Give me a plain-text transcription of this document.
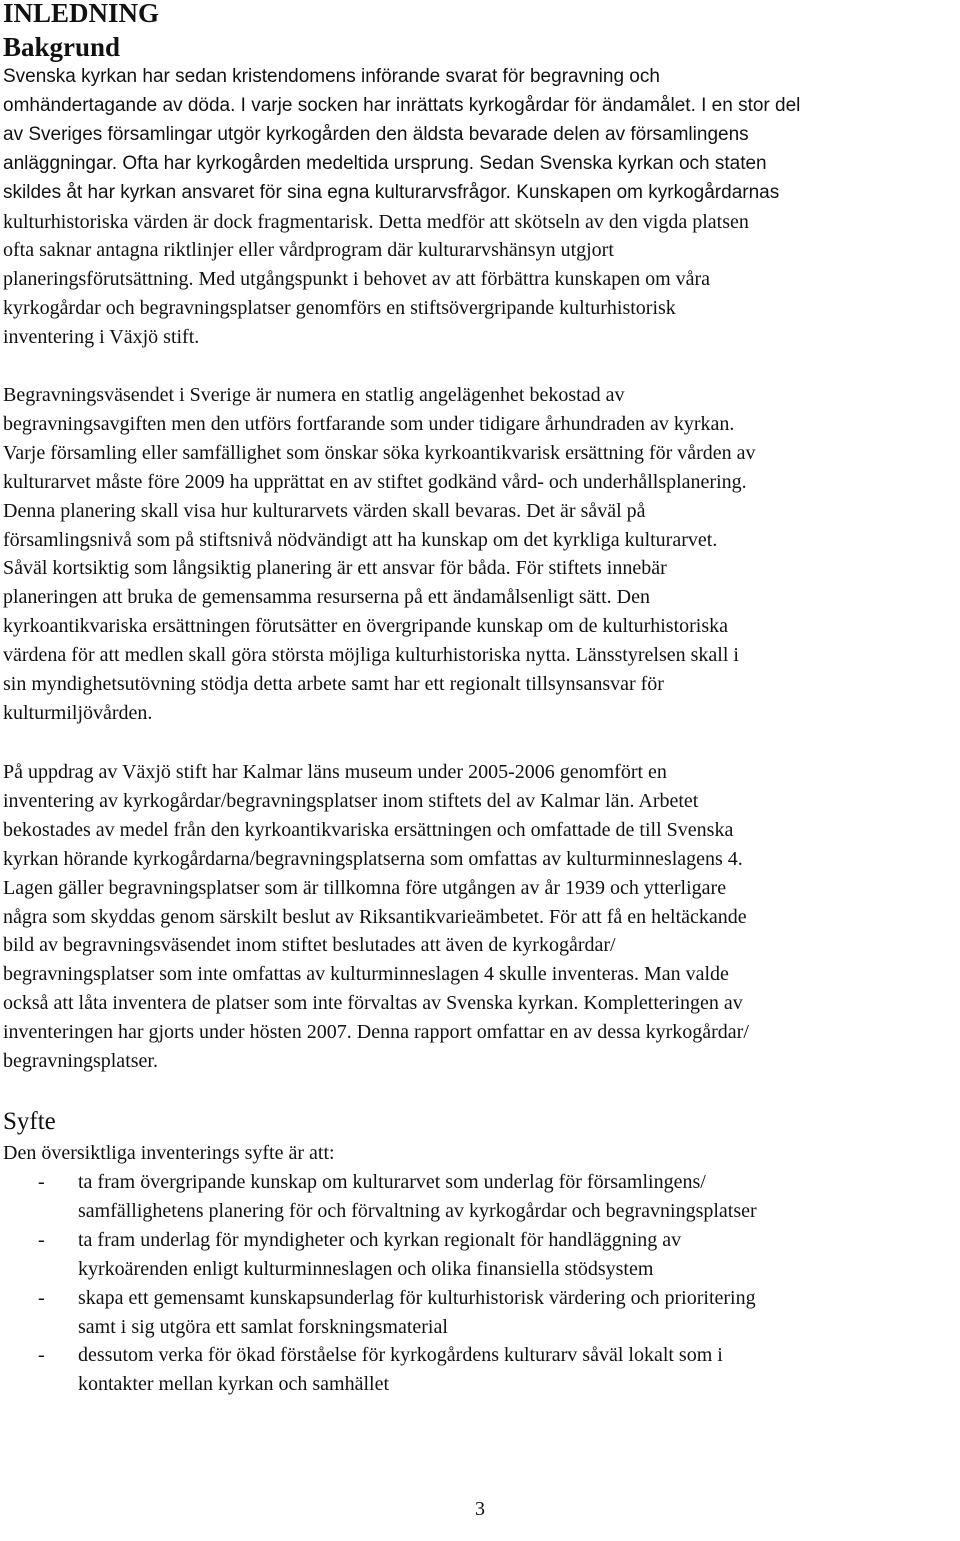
INLEDNING
Bakgrund

Svenska kyrkan har sedan kristendomens införande svarat för begravning och
omhändertagande av döda. I varje socken har inrättats kyrkogårdar för ändamålet. I en stor del
av Sveriges församlingar utgör kyrkogården den äldsta bevarade delen av församlingens
anläggningar. Ofta har kyrkogården medeltida ursprung. Sedan Svenska kyrkan och staten
skildes åt har kyrkan ansvaret för sina egna kulturarvsfrågor. Kunskapen om kyrkogårdarnas
kulturhistoriska värden är dock fragmentarisk. Detta medför att skötseln av den vigda platsen
ofta saknar antagna riktlinjer eller vårdprogram där kulturarvshänsyn utgjort
planeringsförutsättning. Med utgångspunkt i behovet av att förbättra kunskapen om våra
kyrkogårdar och begravningsplatser genomförs en stiftsövergripande kulturhistorisk
inventering i Växjö stift.

Begravningsväsendet i Sverige är numera en statlig angelägenhet bekostad av
begravningsavgiften men den utförs fortfarande som under tidigare århundraden av kyrkan.
Varje församling eller samfällighet som önskar söka kyrkoantikvarisk ersättning för vården av
kulturarvet måste före 2009 ha upprättat en av stiftet godkänd vård- och underhållsplanering.
Denna planering skall visa hur kulturarvets värden skall bevaras. Det är såväl på
församlingsnivå som på stiftsnivå nödvändigt att ha kunskap om det kyrkliga kulturarvet.
Såväl kortsiktig som långsiktig planering är ett ansvar för båda. För stiftets innebär
planeringen att bruka de gemensamma resurserna på ett ändamålsenligt sätt. Den
kyrkoantikvariska ersättningen förutsätter en övergripande kunskap om de kulturhistoriska
värdena för att medlen skall göra största möjliga kulturhistoriska nytta. Länsstyrelsen skall i
sin myndighetsutövning stödja detta arbete samt har ett regionalt tillsynsansvar för
kulturmiljövården.

På uppdrag av Växjö stift har Kalmar läns museum under 2005-2006 genomfört en
inventering av kyrkogårdar/begravningsplatser inom stiftets del av Kalmar län. Arbetet
bekostades av medel från den kyrkoantikvariska ersättningen och omfattade de till Svenska
kyrkan hörande kyrkogårdarna/begravningsplatserna som omfattas av kulturminneslagens 4.
Lagen gäller begravningsplatser som är tillkomna före utgången av år 1939 och ytterligare
några som skyddas genom särskilt beslut av Riksantikvarieämbetet. För att få en heltäckande
bild av begravningsväsendet inom stiftet beslutades att även de kyrkogårdar/
begravningsplatser som inte omfattas av kulturminneslagen 4 skulle inventeras. Man valde
också att låta inventera de platser som inte förvaltas av Svenska kyrkan. Kompletteringen av
inventeringen har gjorts under hösten 2007. Denna rapport omfattar en av dessa kyrkogårdar/
begravningsplatser.

Syfte

Den översiktliga inventerings syfte är att:

- ta fram övergripande kunskap om kulturarvet som underlag för församlingens/
samfällighetens planering för och förvaltning av kyrkogårdar och begravningsplatser
- ta fram underlag för myndigheter och kyrkan regionalt för handläggning av
kyrkoärenden enligt kulturminneslagen och olika finansiella stödsystem
- skapa ett gemensamt kunskapsunderlag för kulturhistorisk värdering och prioritering
samt i sig utgöra ett samlat forskningsmaterial
- dessutom verka för ökad förståelse för kyrkogårdens kulturarv såväl lokalt som i
kontakter mellan kyrkan och samhället
3
